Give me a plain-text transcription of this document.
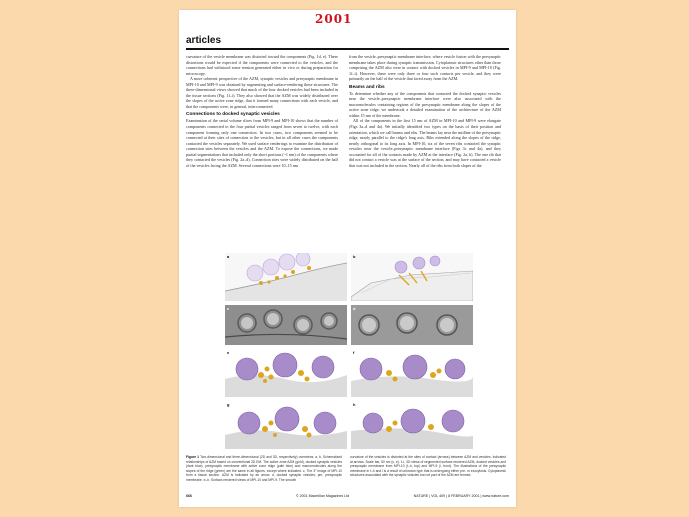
2001
articles

curvature of the vesicle membrane was distorted toward the components (Fig. 1d, e). These distortions would be expected if the components were connected to the vesicles, and the connections had withstood some tension generated either in vivo or during preparation for microscopy.

A more coherent perspective of the AZM, synaptic vesicles and presynaptic membrane in MPI-10 and MPI-9 was obtained by segmenting and surface-rendering these structures. The three-dimensional views showed that much of the four docked vesicles had been included in the tissue sections (Fig. 1f–i). They also showed that the AZM was widely distributed over the slopes of the active zone ridge, that it formed many connections with each vesicle, and that the components were, in general, interconnected.

Connections to docked synaptic vesicles

Examination of the serial volume slices from MPI-9 and MPI-10 shows that the number of components connected to the four partial vesicles ranged from seven to twelve, with each component forming only one connection. In two cases, two components seemed to be connected at their sites of connection to the vesicles, but in all other cases the components contacted the vesicles separately. We used surface renderings to examine the distribution of connection sites between the vesicles and the AZM. To expose the connections, we made partial segmentations that included only the short portions (~1 nm) of the components where they contacted the vesicles (Fig. 2a–d). Connection sites were widely distributed on the half of the vesicles facing the AZM. Several connections were 10–15 nm

from the vesicle–presynaptic membrane interface, where vesicle fusion with the presynaptic membrane takes place during synaptic transmission. Cytoplasmic structures other than those comprising the AZM also were in contact with docked vesicles in MPI-9 and MPI-10 (Fig. 1f–i). However, these were only three or four such contacts per vesicle, and they were primarily on the half of the vesicle that faced away from the AZM.

Beams and ribs

To determine whether any of the components that contacted the docked synaptic vesicles near the vesicle–presynaptic membrane interface were also associated with the macromolecules containing regions of the presynaptic membrane along the slopes of the active zone ridge, we undertook a detailed examination of the architecture of the AZM within 15 nm of the membrane.

All of the components in the first 15 nm of AZM in MPI-10 and MPI-9 were elongate (Figs 3a–d and 4a). We initially identified two types on the basis of their position and orientation, which we call beams and ribs. The beams lay near the midline of the presynaptic ridge, nearly parallel to the ridge's long axis. Ribs extended along the slopes of the ridge, nearly orthogonal to its long axis. In MPI-10, six of the seven ribs contacted the synaptic vesicles near the vesicle–presynaptic membrane interface (Figs 3c and 4a), and they accounted for all of the contacts made by AZM at the interface (Fig. 2a, b). The one rib that did not contact a vesicle was at the surface of the section, and may have contacted a vesicle that was not included in the section. Nearly all of the ribs from both slopes of the

a	b
c	d
e	f
g	h
Figure 1 Two-dimensional and three-dimensional (2D and 3D, respectively) overviews. a, b, Schematized relationships of AZM based on conventional 2D EM. The active zone AZM (gold), docked synaptic vesicles (dark blue), presynaptic membrane with active zone ridge (pale blue) and macromolecules along the slopes of the ridge (green) are the same in all figures, except where indicated. c, The 3° image of MPI-10 from a tissue section. AZM is indicated by an arrow. d, docked synaptic vesicles; pm, presynaptic membrane. e–h, Surface-rendered views of MPI-10 and MPI-9. The smooth
curvature of the vesicles is distorted at the sites of contact (arrows) between AZM and vesicles. Indicated at arrows. Scale bar, 50 nm (c, e). f–i, 3D views of segmented surface-rendered AZM, docked vesicles and presynaptic membrane from MPI-10 (f–h, top) and MPI-9 (i, front). The illustrations of the presynaptic membrane in f–h and i is a result of unknown type that is undergoing either pre- or exocytosis. Cytoplasmic structures associated with the synaptic vesicles but not part of the AZM are termed.
666	© 2001 Macmillan Magazines Ltd	NATURE | VOL 409 | 8 FEBRUARY 2001 | www.nature.com
